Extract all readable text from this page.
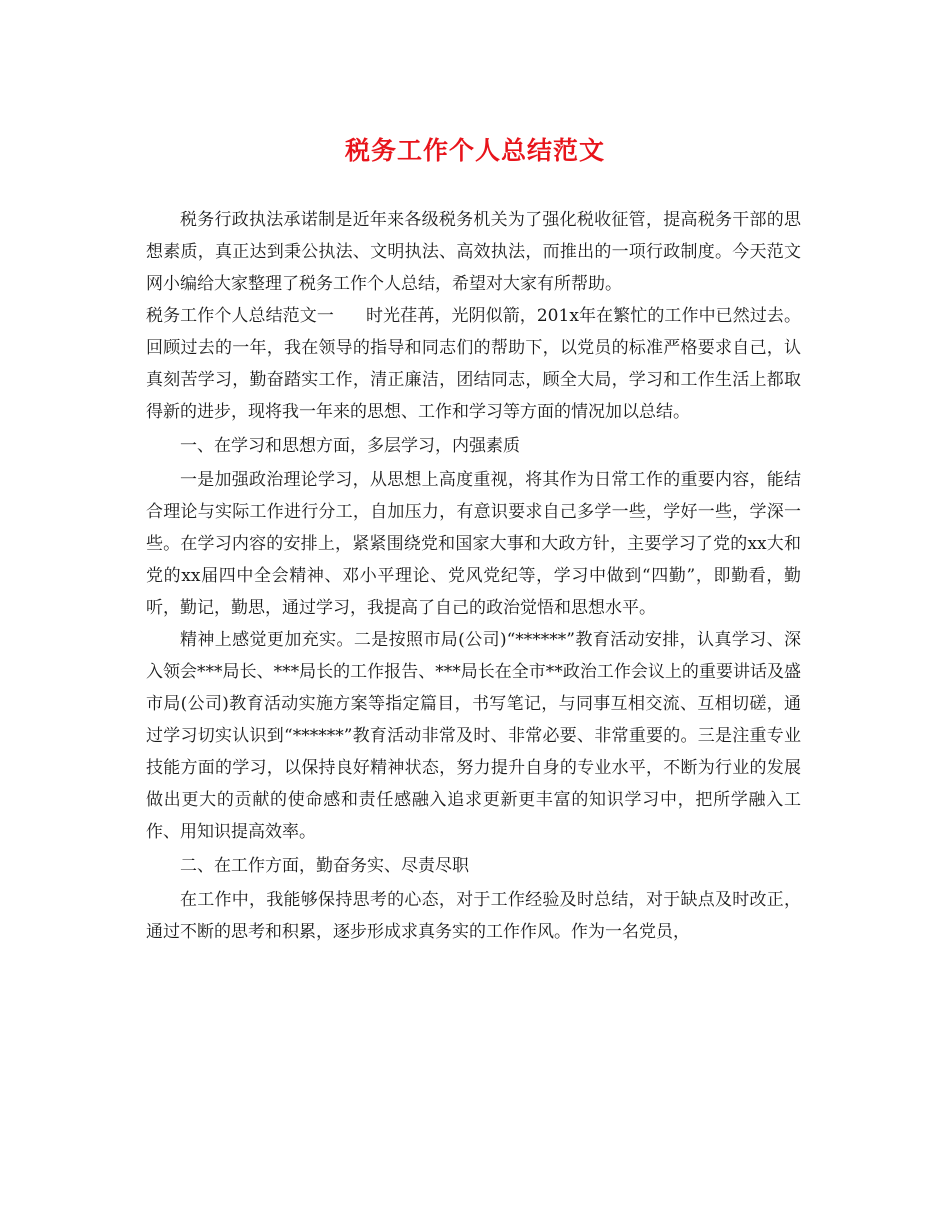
税务工作个人总结范文

税务行政执法承诺制是近年来各级税务机关为了强化税收征管，提高税务干部的思想素质，真正达到秉公执法、文明执法、高效执法，而推出的一项行政制度。今天范文网小编给大家整理了税务工作个人总结，希望对大家有所帮助。

税务工作个人总结范文一 时光荏苒，光阴似箭，201x年在繁忙的工作中已然过去。回顾过去的一年，我在领导的指导和同志们的帮助下，以党员的标准严格要求自己，认真刻苦学习，勤奋踏实工作，清正廉洁，团结同志，顾全大局，学习和工作生活上都取得新的进步，现将我一年来的思想、工作和学习等方面的情况加以总结。

一、在学习和思想方面，多层学习，内强素质

一是加强政治理论学习，从思想上高度重视，将其作为日常工作的重要内容，能结合理论与实际工作进行分工，自加压力，有意识要求自己多学一些，学好一些，学深一些。在学习内容的安排上，紧紧围绕党和国家大事和大政方针，主要学习了党的xx大和党的xx届四中全会精神、邓小平理论、党风党纪等，学习中做到“四勤”，即勤看，勤听，勤记，勤思，通过学习，我提高了自己的政治觉悟和思想水平。

精神上感觉更加充实。二是按照市局(公司)“******”教育活动安排，认真学习、深入领会***局长、***局长的工作报告、***局长在全市**政治工作会议上的重要讲话及盛市局(公司)教育活动实施方案等指定篇目，书写笔记，与同事互相交流、互相切磋，通过学习切实认识到“******”教育活动非常及时、非常必要、非常重要的。三是注重专业技能方面的学习，以保持良好精神状态，努力提升自身的专业水平，不断为行业的发展做出更大的贡献的使命感和责任感融入追求更新更丰富的知识学习中，把所学融入工作、用知识提高效率。

二、在工作方面，勤奋务实、尽责尽职

在工作中，我能够保持思考的心态，对于工作经验及时总结，对于缺点及时改正，通过不断的思考和积累，逐步形成求真务实的工作作风。作为一名党员，
